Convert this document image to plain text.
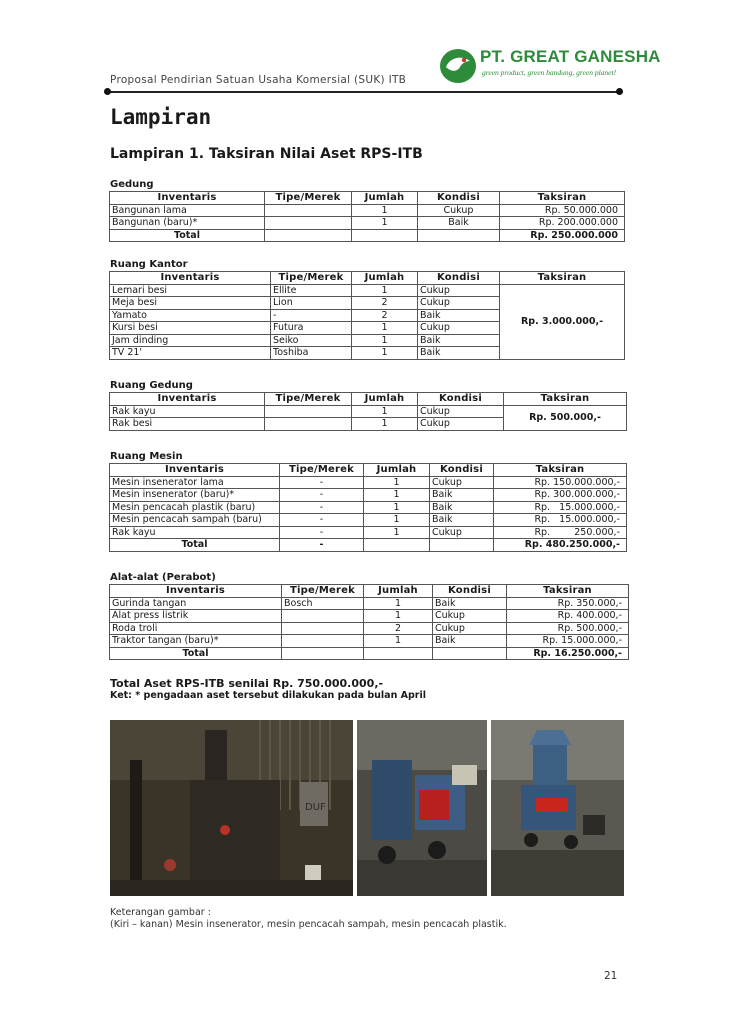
Proposal Pendirian Satuan Usaha Komersial (SUK) ITB
PT. GREAT GANESHA
green product, green bandung, green planet!
Lampiran
Lampiran 1. Taksiran Nilai Aset RPS-ITB
Gedung
Inventaris	Tipe/Merek	Jumlah	Kondisi	Taksiran
Bangunan lama		1	Cukup	Rp. 50.000.000
Bangunan (baru)*		1	Baik	Rp. 200.000.000
Total				Rp. 250.000.000
Ruang Kantor
Inventaris	Tipe/Merek	Jumlah	Kondisi	Taksiran
Lemari besi	Ellite	1	Cukup	Rp. 3.000.000,-
Meja besi	Lion	2	Cukup	
Yamato	-	2	Baik	
Kursi besi	Futura	1	Cukup	
Jam dinding	Seiko	1	Baik	
TV 21'	Toshiba	1	Baik	
Ruang Gedung
Inventaris	Tipe/Merek	Jumlah	Kondisi	Taksiran
Rak kayu		1	Cukup	Rp. 500.000,-
Rak besi		1	Cukup	
Ruang Mesin
Inventaris	Tipe/Merek	Jumlah	Kondisi	Taksiran
Mesin insenerator lama	-	1	Cukup	Rp. 150.000.000,-
Mesin insenerator (baru)*	-	1	Baik	Rp. 300.000.000,-
Mesin pencacah plastik (baru)	-	1	Baik	Rp.   15.000.000,-
Mesin pencacah sampah (baru)	-	1	Baik	Rp.   15.000.000,-
Rak kayu	-	1	Cukup	Rp.        250.000,-
Total	-			Rp. 480.250.000,-
Alat-alat (Perabot)
Inventaris	Tipe/Merek	Jumlah	Kondisi	Taksiran
Gurinda tangan	Bosch	1	Baik	Rp. 350.000,-
Alat press listrik		1	Cukup	Rp. 400.000,-
Roda troli		2	Cukup	Rp. 500.000,-
Traktor tangan (baru)*		1	Baik	Rp. 15.000.000,-
Total				Rp. 16.250.000,-
Total Aset RPS-ITB senilai Rp. 750.000.000,-
Ket: * pengadaan aset tersebut dilakukan pada bulan April
DUF
Keterangan gambar :
(Kiri – kanan) Mesin insenerator, mesin pencacah sampah, mesin pencacah plastik.
21
